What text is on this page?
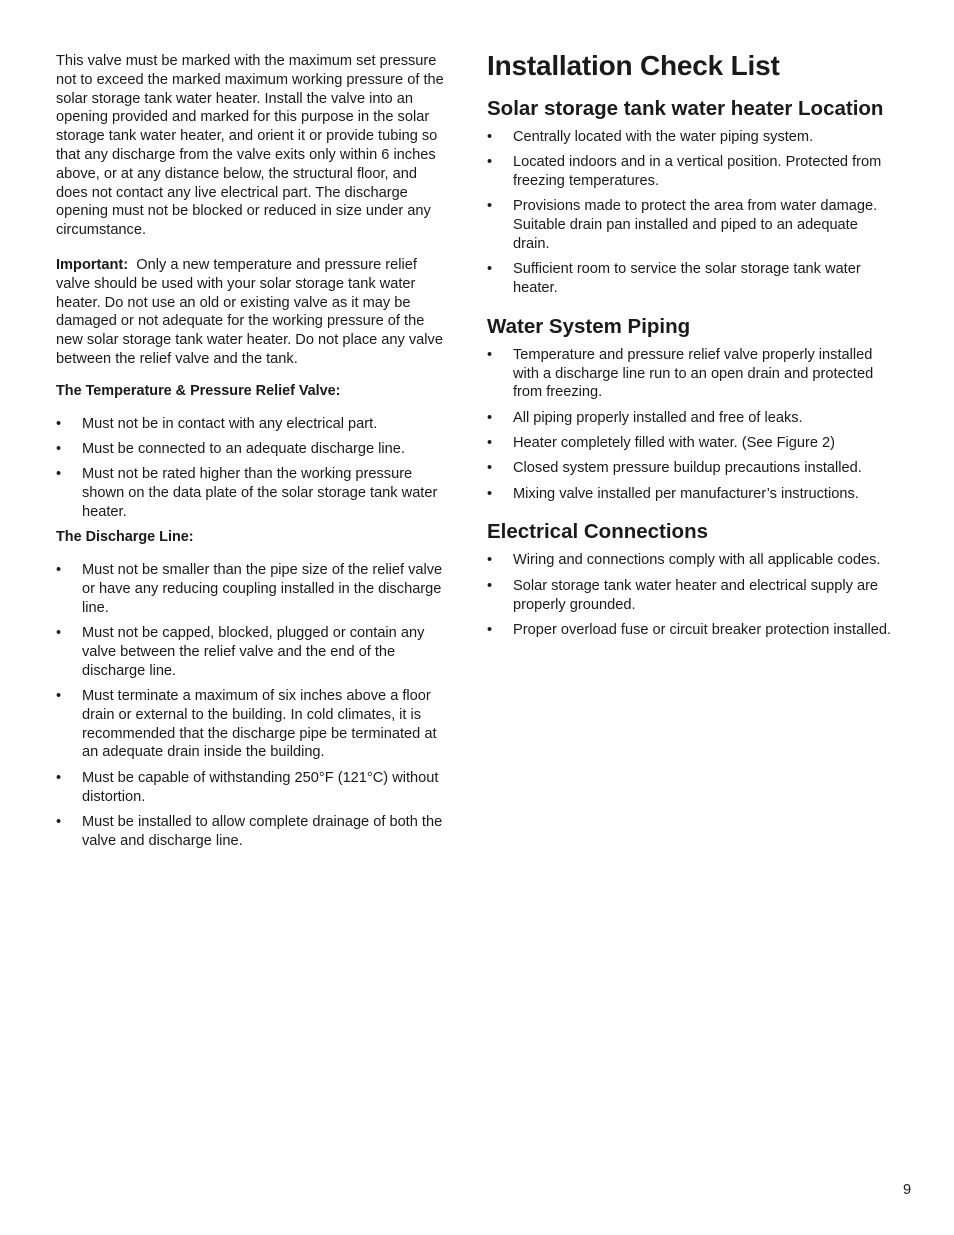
This valve must be marked with the maximum set pressure not to exceed the marked maximum working pressure of the solar storage tank water heater. Install the valve into an opening provided and marked for this purpose in the solar storage tank water heater, and orient it or provide tubing so that any discharge from the valve exits only within 6 inches above, or at any distance below, the structural floor, and does not contact any live electrical part. The discharge opening must not be blocked or reduced in size under any circumstance.

Important: Only a new temperature and pressure relief valve should be used with your solar storage tank water heater. Do not use an old or existing valve as it may be damaged or not adequate for the working pressure of the new solar storage tank water heater. Do not place any valve between the relief valve and the tank.

The Temperature & Pressure Relief Valve:
• Must not be in contact with any electrical part.
• Must be connected to an adequate discharge line.
• Must not be rated higher than the working pressure shown on the data plate of the solar storage tank water heater.
The Discharge Line:
• Must not be smaller than the pipe size of the relief valve or have any reducing coupling installed in the discharge line.
• Must not be capped, blocked, plugged or contain any valve between the relief valve and the end of the discharge line.
• Must terminate a maximum of six inches above a floor drain or external to the building. In cold climates, it is recommended that the discharge pipe be terminated at an adequate drain inside the building.
• Must be capable of withstanding 250°F (121°C) without distortion.
• Must be installed to allow complete drainage of both the valve and discharge line.
Installation Check List
Solar storage tank water heater Location
• Centrally located with the water piping system.
• Located indoors and in a vertical position. Protected from freezing temperatures.
• Provisions made to protect the area from water damage. Suitable drain pan installed and piped to an adequate drain.
• Sufficient room to service the solar storage tank water heater.
Water System Piping
• Temperature and pressure relief valve properly installed with a discharge line run to an open drain and protected from freezing.
• All piping properly installed and free of leaks.
• Heater completely filled with water. (See Figure 2)
• Closed system pressure buildup precautions installed.
• Mixing valve installed per manufacturer’s instructions.
Electrical Connections
• Wiring and connections comply with all applicable codes.
• Solar storage tank water heater and electrical supply are properly grounded.
• Proper overload fuse or circuit breaker protection installed.
9
